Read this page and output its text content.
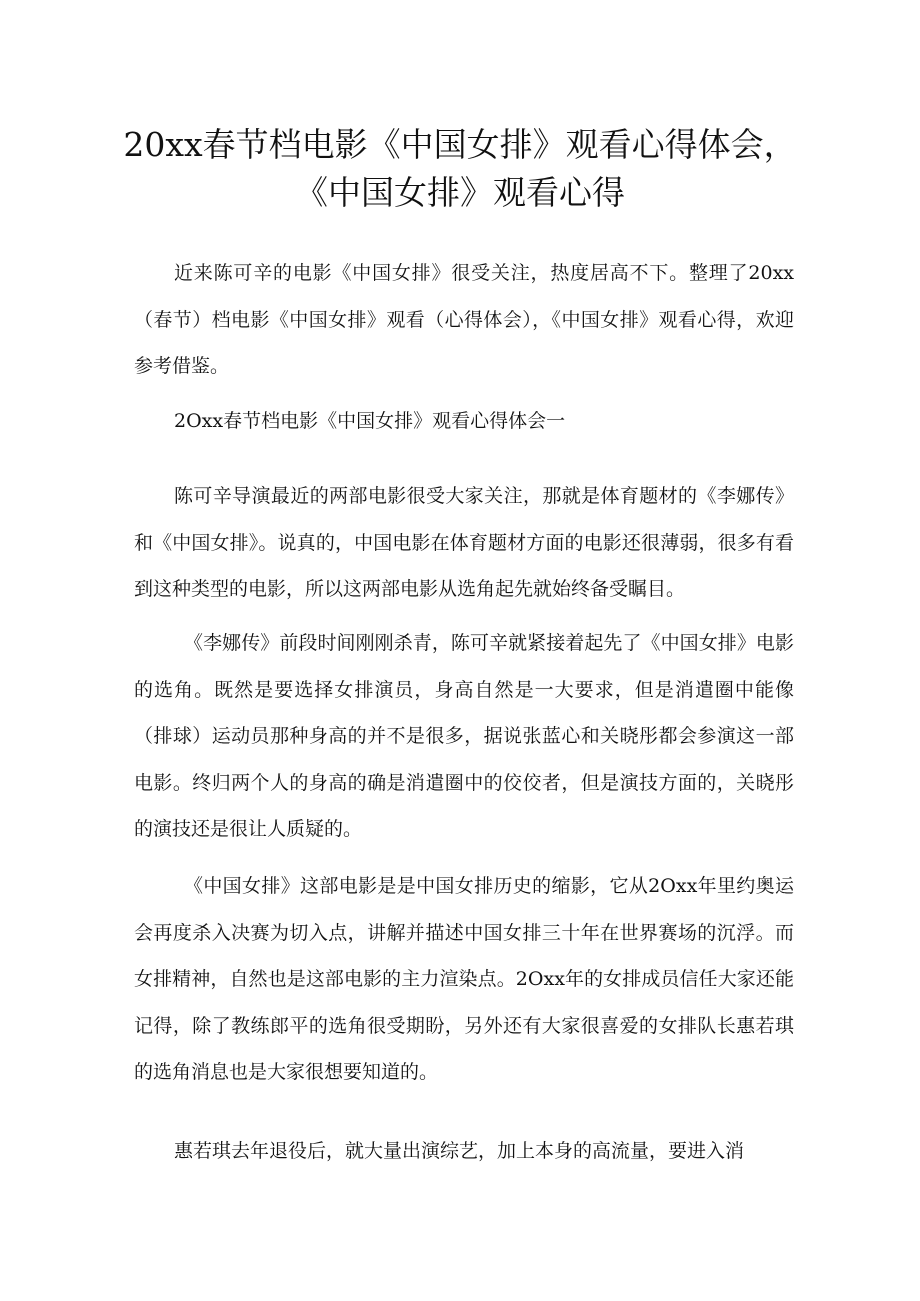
20xx春节档电影《中国女排》观看心得体会，
《中国女排》观看心得
近来陈可辛的电影《中国女排》很受关注，热度居高不下。整理了20xx（春节）档电影《中国女排》观看（心得体会），《中国女排》观看心得，欢迎参考借鉴。
2Oxx春节档电影《中国女排》观看心得体会一
陈可辛导演最近的两部电影很受大家关注，那就是体育题材的《李娜传》和《中国女排》。说真的，中国电影在体育题材方面的电影还很薄弱，很多有看到这种类型的电影，所以这两部电影从选角起先就始终备受瞩目。
《李娜传》前段时间刚刚杀青，陈可辛就紧接着起先了《中国女排》电影的选角。既然是要选择女排演员，身高自然是一大要求，但是消遣圈中能像（排球）运动员那种身高的并不是很多，据说张蓝心和关晓彤都会参演这一部电影。终归两个人的身高的确是消遣圈中的佼佼者，但是演技方面的，关晓彤的演技还是很让人质疑的。
《中国女排》这部电影是是中国女排历史的缩影，它从2Oxx年里约奥运会再度杀入决赛为切入点，讲解并描述中国女排三十年在世界赛场的沉浮。而女排精神，自然也是这部电影的主力渲染点。2Oxx年的女排成员信任大家还能记得，除了教练郎平的选角很受期盼，另外还有大家很喜爱的女排队长惠若琪的选角消息也是大家很想要知道的。
惠若琪去年退役后，就大量出演综艺，加上本身的高流量，要进入消
